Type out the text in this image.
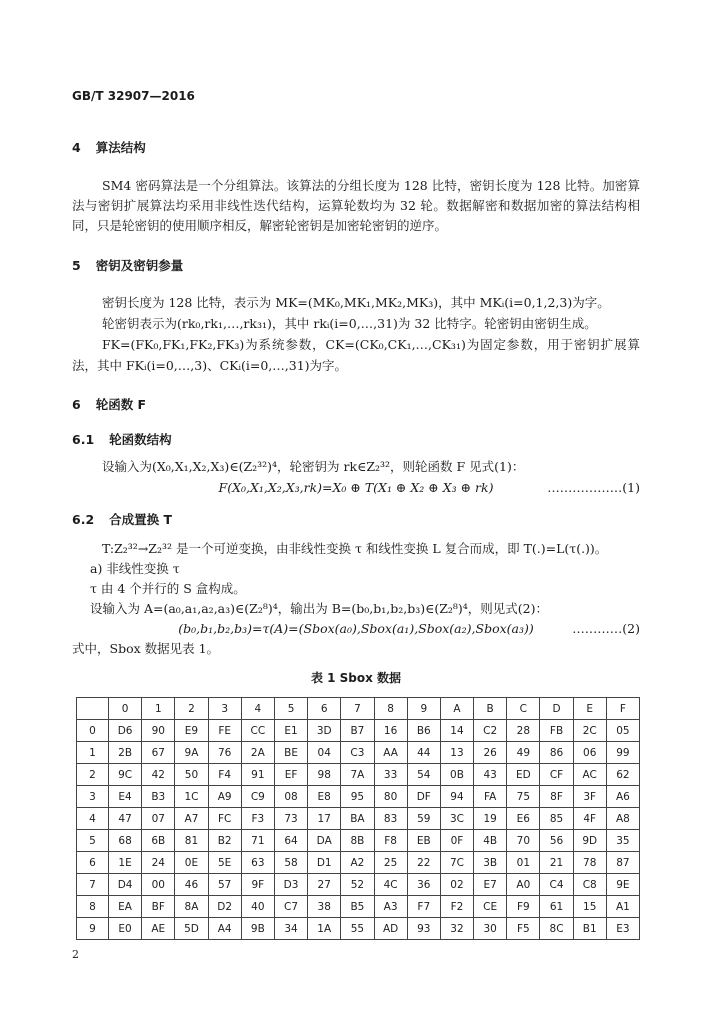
GB/T 32907—2016
4 算法结构
SM4 密码算法是一个分组算法。该算法的分组长度为 128 比特，密钥长度为 128 比特。加密算法与密钥扩展算法均采用非线性迭代结构，运算轮数均为 32 轮。数据解密和数据加密的算法结构相同，只是轮密钥的使用顺序相反，解密轮密钥是加密轮密钥的逆序。
5 密钥及密钥参量
密钥长度为 128 比特，表示为 MK=(MK₀,MK₁,MK₂,MK₃)，其中 MKᵢ(i=0,1,2,3)为字。
轮密钥表示为(rk₀,rk₁,…,rk₃₁)，其中 rkᵢ(i=0,…,31)为 32 比特字。轮密钥由密钥生成。
FK=(FK₀,FK₁,FK₂,FK₃)为系统参数，CK=(CK₀,CK₁,…,CK₃₁)为固定参数，用于密钥扩展算法，其中 FKᵢ(i=0,…,3)、CKᵢ(i=0,…,31)为字。
6 轮函数 F
6.1 轮函数结构
设输入为(X₀,X₁,X₂,X₃)∈(Z₂³²)⁴，轮密钥为 rk∈Z₂³²，则轮函数 F 见式(1)：
F(X₀,X₁,X₂,X₃,rk)=X₀ ⊕ T(X₁ ⊕ X₂ ⊕ X₃ ⊕ rk)	………………(1)
6.2 合成置换 T
T:Z₂³²→Z₂³² 是一个可逆变换，由非线性变换 τ 和线性变换 L 复合而成，即 T(.)=L(τ(.))。
a) 非线性变换 τ
τ 由 4 个并行的 S 盒构成。
设输入为 A=(a₀,a₁,a₂,a₃)∈(Z₂⁸)⁴，输出为 B=(b₀,b₁,b₂,b₃)∈(Z₂⁸)⁴，则见式(2)：
(b₀,b₁,b₂,b₃)=τ(A)=(Sbox(a₀),Sbox(a₁),Sbox(a₂),Sbox(a₃))	…………(2)
式中，Sbox 数据见表 1。
表 1 Sbox 数据
	0	1	2	3	4	5	6	7	8	9	A	B	C	D	E	F
0	D6	90	E9	FE	CC	E1	3D	B7	16	B6	14	C2	28	FB	2C	05
1	2B	67	9A	76	2A	BE	04	C3	AA	44	13	26	49	86	06	99
2	9C	42	50	F4	91	EF	98	7A	33	54	0B	43	ED	CF	AC	62
3	E4	B3	1C	A9	C9	08	E8	95	80	DF	94	FA	75	8F	3F	A6
4	47	07	A7	FC	F3	73	17	BA	83	59	3C	19	E6	85	4F	A8
5	68	6B	81	B2	71	64	DA	8B	F8	EB	0F	4B	70	56	9D	35
6	1E	24	0E	5E	63	58	D1	A2	25	22	7C	3B	01	21	78	87
7	D4	00	46	57	9F	D3	27	52	4C	36	02	E7	A0	C4	C8	9E
8	EA	BF	8A	D2	40	C7	38	B5	A3	F7	F2	CE	F9	61	15	A1
9	E0	AE	5D	A4	9B	34	1A	55	AD	93	32	30	F5	8C	B1	E3
2
